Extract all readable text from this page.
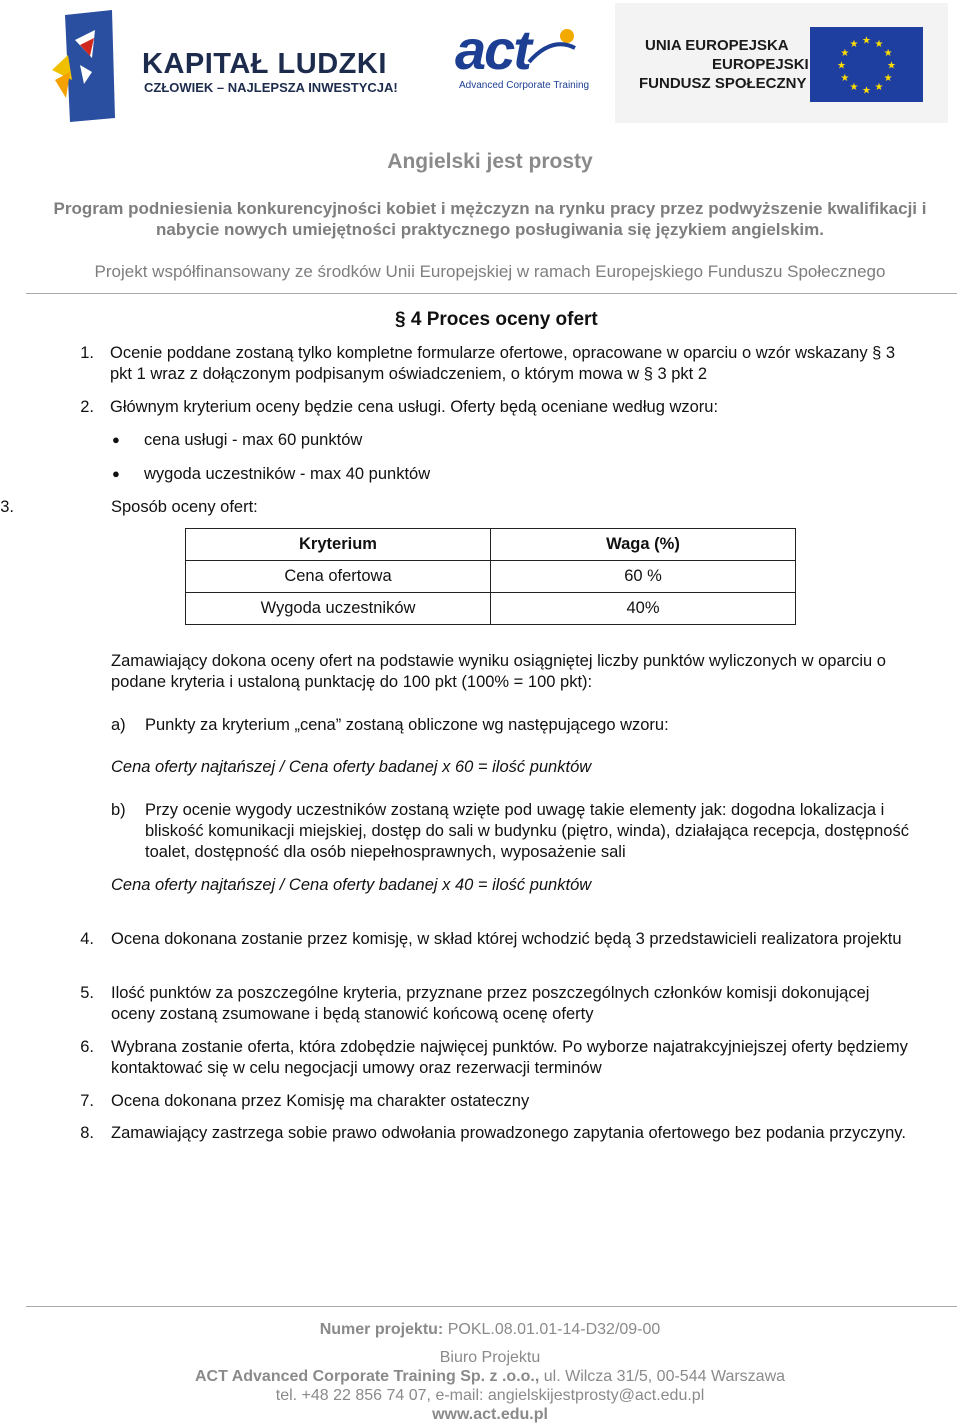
KAPITAŁ LUDZKI
CZŁOWIEK – NAJLEPSZA INWESTYCJA!
act
Advanced Corporate Training
UNIA EUROPEJSKA
EUROPEJSKI
FUNDUSZ SPOŁECZNY
★
★
★
★
★
★
★
★
★ ★ ★
★
Angielski jest prosty
Program podniesienia konkurencyjności kobiet i mężczyzn na rynku pracy przez podwyższenie kwalifikacji i nabycie nowych umiejętności praktycznego posługiwania się językiem angielskim.
Projekt współfinansowany ze środków Unii Europejskiej w ramach Europejskiego Funduszu Społecznego
§ 4 Proces oceny ofert
1. Ocenie poddane zostaną tylko kompletne formularze ofertowe, opracowane w oparciu o wzór wskazany § 3 pkt 1 wraz z dołączonym podpisanym oświadczeniem, o którym mowa w § 3 pkt 2
2. Głównym kryterium oceny będzie cena usługi. Oferty będą oceniane według wzoru:
● cena usługi - max 60 punktów
● wygoda uczestników - max 40 punktów
3.	Sposób oceny ofert:
Kryterium	Waga (%)
Cena ofertowa	60 %
Wygoda uczestników	40%
Zamawiający dokona oceny ofert na podstawie wyniku osiągniętej liczby punktów wyliczonych w oparciu o podane kryteria i ustaloną punktację do 100 pkt (100% = 100 pkt):
a) Punkty za kryterium „cena” zostaną obliczone wg następującego wzoru:
Cena oferty najtańszej / Cena oferty badanej x 60 = ilość punktów
b) Przy ocenie wygody uczestników zostaną wzięte pod uwagę takie elementy jak: dogodna lokalizacja i bliskość komunikacji miejskiej, dostęp do sali w budynku (piętro, winda), działająca recepcja, dostępność toalet, dostępność dla osób niepełnosprawnych, wyposażenie sali
Cena oferty najtańszej / Cena oferty badanej x 40 = ilość punktów
4. Ocena dokonana zostanie przez komisję, w skład której wchodzić będą 3 przedstawicieli realizatora projektu
5. Ilość punktów za poszczególne kryteria, przyznane przez poszczególnych członków komisji dokonującej oceny zostaną zsumowane i będą stanowić końcową ocenę oferty
6. Wybrana zostanie oferta, która zdobędzie najwięcej punktów. Po wyborze najatrakcyjniejszej oferty będziemy kontaktować się w celu negocjacji umowy oraz rezerwacji terminów
7. Ocena dokonana przez Komisję ma charakter ostateczny
8. Zamawiający zastrzega sobie prawo odwołania prowadzonego zapytania ofertowego bez podania przyczyny.
Numer projektu: POKL.08.01.01-14-D32/09-00
Biuro Projektu
ACT Advanced Corporate Training Sp. z .o.o., ul. Wilcza 31/5, 00-544 Warszawa
tel. +48 22 856 74 07, e-mail: angielskijestprosty@act.edu.pl
www.act.edu.pl
